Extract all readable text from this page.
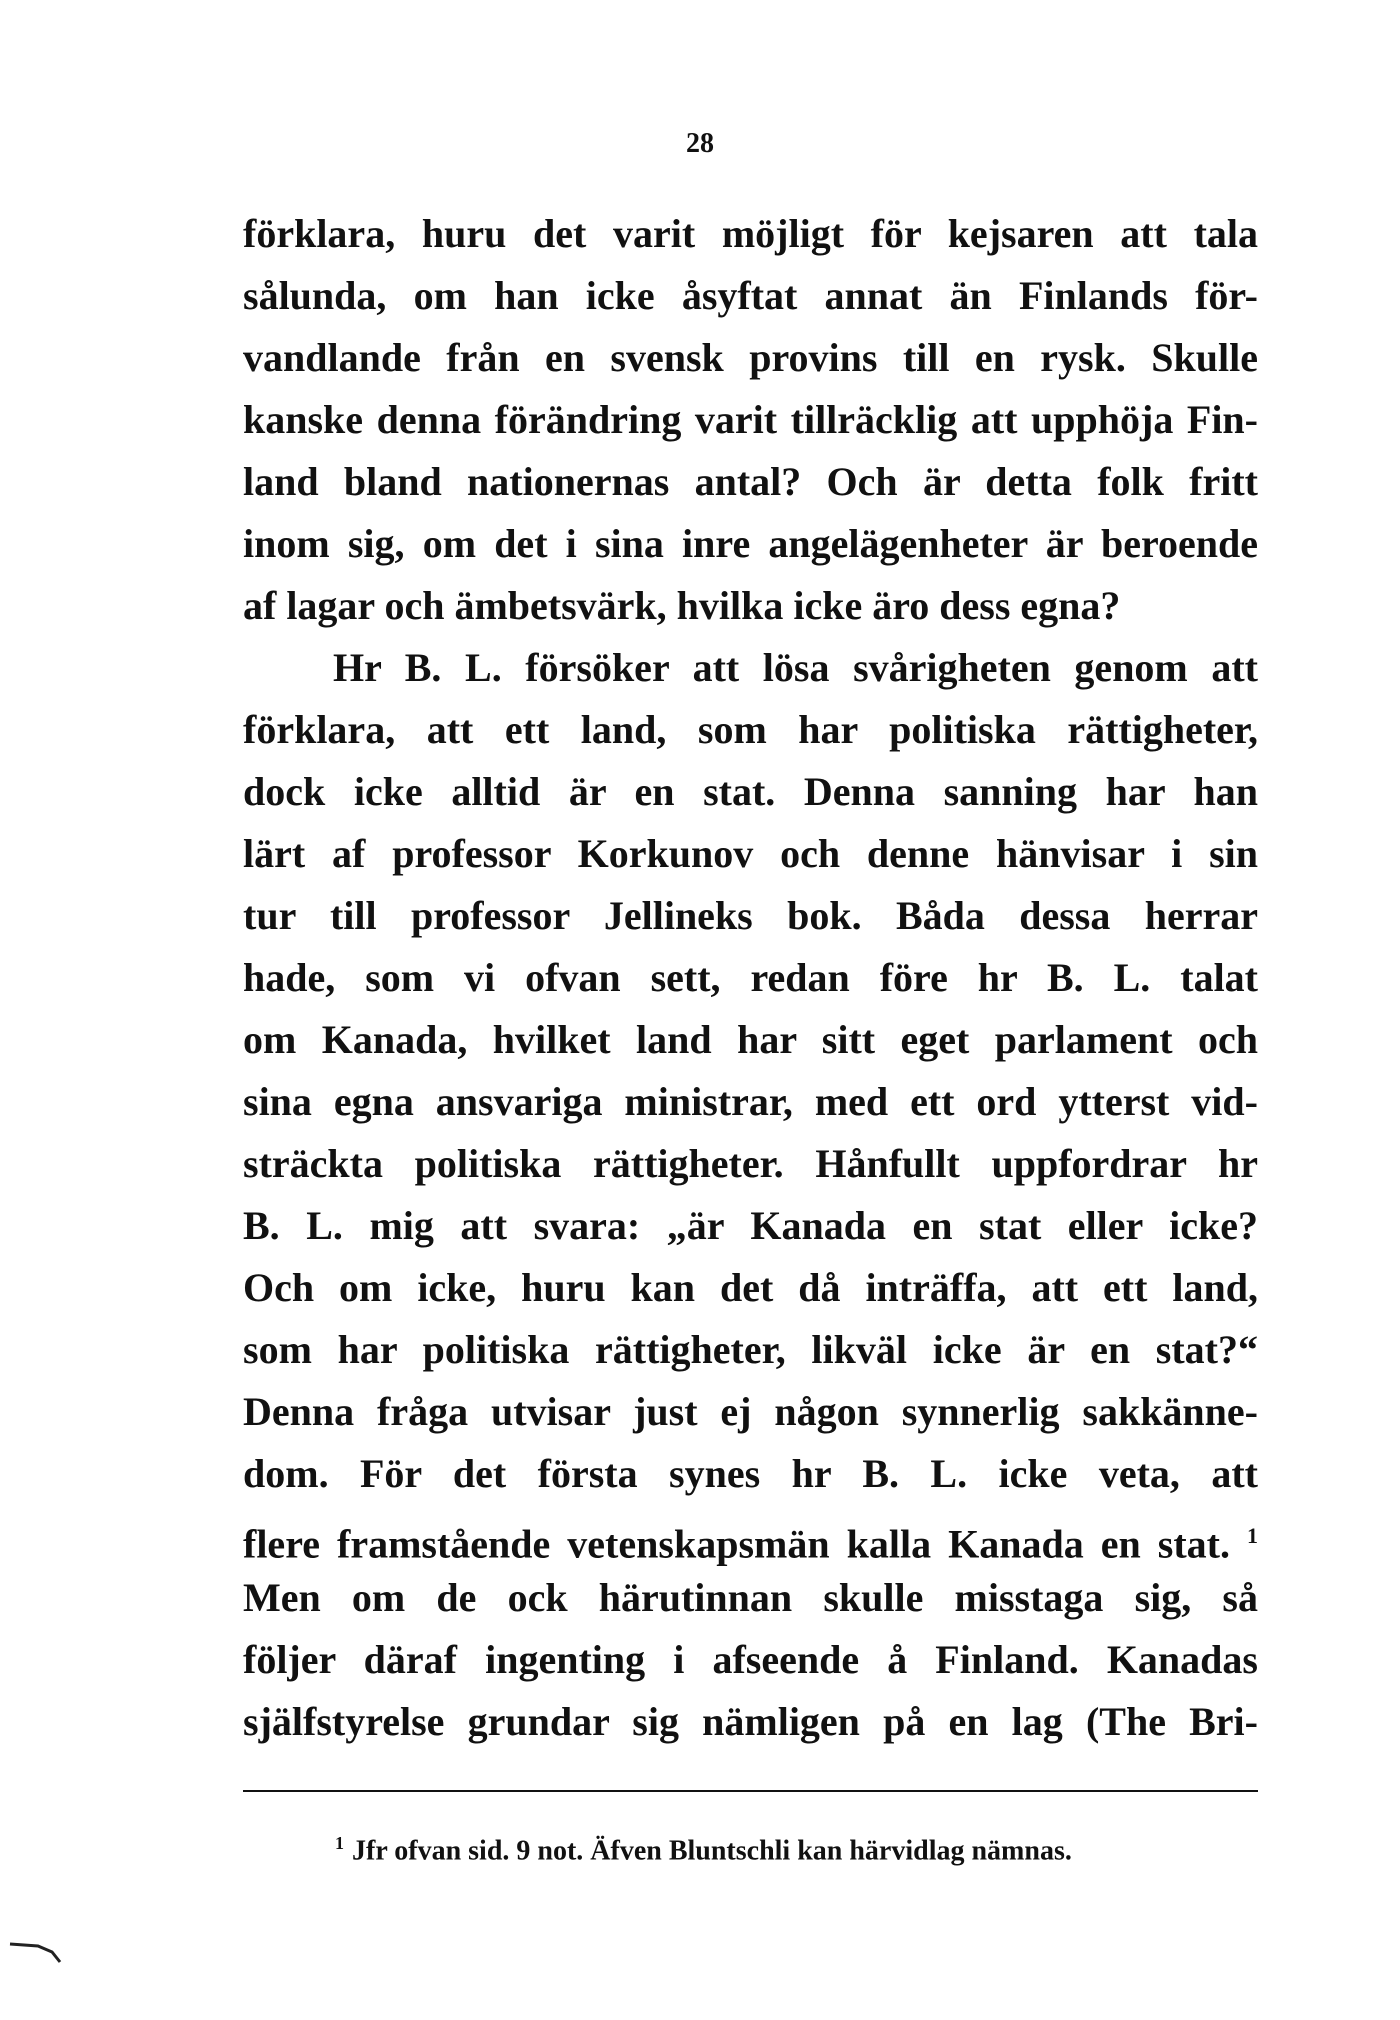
28
förklara, huru det varit möjligt för kejsaren att tala
sålunda, om han icke åsyftat annat än Finlands för-
vandlande från en svensk provins till en rysk. Skulle
kanske denna förändring varit tillräcklig att upphöja Fin-
land bland nationernas antal? Och är detta folk fritt
inom sig, om det i sina inre angelägenheter är beroende
af lagar och ämbetsvärk, hvilka icke äro dess egna?
Hr B. L. försöker att lösa svårigheten genom att
förklara, att ett land, som har politiska rättigheter,
dock icke alltid är en stat. Denna sanning har han
lärt af professor Korkunov och denne hänvisar i sin
tur till professor Jellineks bok. Båda dessa herrar
hade, som vi ofvan sett, redan före hr B. L. talat
om Kanada, hvilket land har sitt eget parlament och
sina egna ansvariga ministrar, med ett ord ytterst vid-
sträckta politiska rättigheter. Hånfullt uppfordrar hr
B. L. mig att svara: „är Kanada en stat eller icke?
Och om icke, huru kan det då inträffa, att ett land,
som har politiska rättigheter, likväl icke är en stat?“
Denna fråga utvisar just ej någon synnerlig sakkänne-
dom. För det första synes hr B. L. icke veta, att
flere framstående vetenskapsmän kalla Kanada en stat. $^1$
Men om de ock härutinnan skulle misstaga sig, så
följer däraf ingenting i afseende å Finland. Kanadas
själfstyrelse grundar sig nämligen på en lag (The Bri-
$^1$ Jfr ofvan sid. 9 not. Äfven Bluntschli kan härvidlag nämnas.
